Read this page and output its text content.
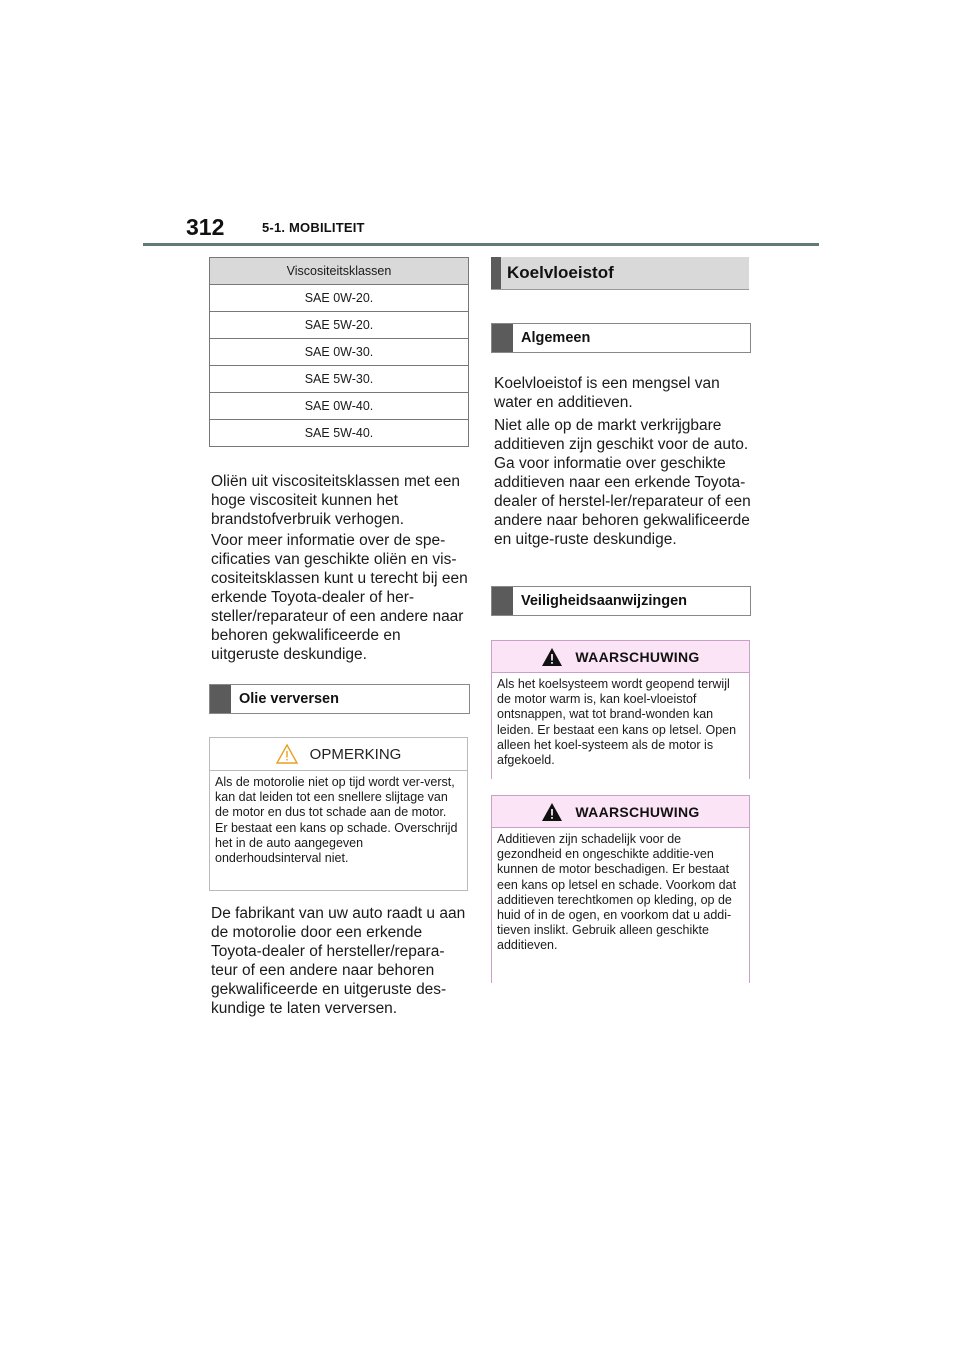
312	5-1. MOBILITEIT
Viscositeitsklassen
SAE 0W-20.
SAE 5W-20.
SAE 0W-30.
SAE 5W-30.
SAE 0W-40.
SAE 5W-40.

Oliën uit viscositeitsklassen met een hoge viscositeit kunnen het brandstofverbruik verhogen.

Voor meer informatie over de spe-cificaties van geschikte oliën en vis-cositeitsklassen kunt u terecht bij een erkende Toyota-dealer of her-steller/reparateur of een andere naar behoren gekwalificeerde en uitgeruste deskundige.

Olie verversen
OPMERKING
Als de motorolie niet op tijd wordt ver-verst, kan dat leiden tot een snellere slijtage van de motor en dus tot schade aan de motor. Er bestaat een kans op schade. Overschrijd het in de auto aangegeven onderhoudsinterval niet.

De fabrikant van uw auto raadt u aan de motorolie door een erkende Toyota-dealer of hersteller/repara-teur of een andere naar behoren gekwalificeerde en uitgeruste des-kundige te laten verversen.

Koelvloeistof
Algemeen

Koelvloeistof is een mengsel van water en additieven.

Niet alle op de markt verkrijgbare additieven zijn geschikt voor de auto. Ga voor informatie over geschikte additieven naar een erkende Toyota-dealer of herstel-ler/reparateur of een andere naar behoren gekwalificeerde en uitge-ruste deskundige.

Veiligheidsaanwijzingen
WAARSCHUWING
Als het koelsysteem wordt geopend terwijl de motor warm is, kan koel-vloeistof ontsnappen, wat tot brand-wonden kan leiden. Er bestaat een kans op letsel. Open alleen het koel-systeem als de motor is afgekoeld.
WAARSCHUWING
Additieven zijn schadelijk voor de gezondheid en ongeschikte additie-ven kunnen de motor beschadigen. Er bestaat een kans op letsel en schade. Voorkom dat additieven terechtkomen op kleding, op de huid of in de ogen, en voorkom dat u addi-tieven inslikt. Gebruik alleen geschikte additieven.
